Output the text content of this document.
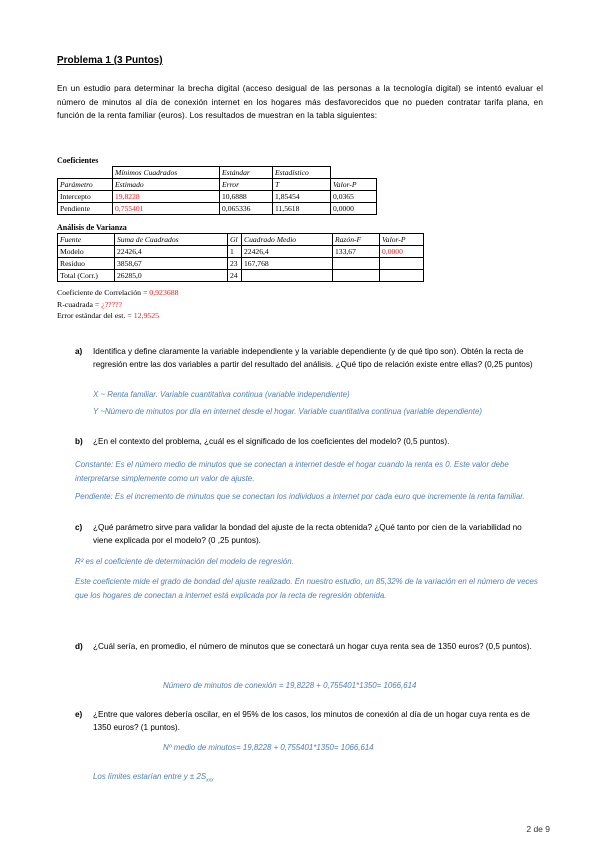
Problema 1 (3 Puntos)
En un estudio para determinar la brecha digital (acceso desigual de las personas a la tecnología digital) se intentó evaluar el número de minutos al día de conexión internet en los hogares más desfavorecidos que no pueden contratar tarifa plana, en función de la renta familiar (euros). Los resultados de muestran en la tabla siguientes:
Coeficientes
	Mínimos Cuadrados	Estándar	Estadístico	
Parámetro	Estimado	Error	T	Valor-P
Intercepto	19,8228	10,6888	1,85454	0,0365
Pendiente	0,755401	0,065336	11,5618	0,0000
Análisis de Varianza
Fuente	Suma de Cuadrados	Gl	Cuadrado Medio	Razón-F	Valor-P
Modelo	22426,4	1	22426,4	133,67	0,0000
Residuo	3858,67	23	167,768		
Total (Corr.)	26285,0	24			
Coeficiente de Correlación = 0,923688
R-cuadrada = ¿?????
Error estándar del est. = 12,9525
a) Identifica y define claramente la variable independiente y la variable dependiente (y de qué tipo son). Obtén la recta de regresión entre las dos variables a partir del resultado del análisis. ¿Qué tipo de relación existe entre ellas? (0,25 puntos)
X ~ Renta familiar. Variable cuantitativa continua (variable independiente)
Y ~Número de minutos por día en internet desde el hogar. Variable cuantitativa continua (variable dependiente)
b) ¿En el contexto del problema, ¿cuál es el significado de los coeficientes del modelo? (0,5 puntos).
Constante: Es el número medio de minutos que se conectan a internet desde el hogar cuando la renta es 0. Este valor debe interpretarse simplemente como un valor de ajuste.
Pendiente: Es el incremento de minutos que se conectan los individuos a internet por cada euro que incremente la renta familiar.
c) ¿Qué parámetro sirve para validar la bondad del ajuste de la recta obtenida? ¿Qué tanto por cien de la variabilidad no viene explicada por el modelo? (0 ,25 puntos).
R² es el coeficiente de determinación del modelo de regresión.
Este coeficiente mide el grado de bondad del ajuste realizado. En nuestro estudio, un 85,32% de la variación en el número de veces que los hogares de conectan a internet está explicada por la recta de regresión obtenida.
d) ¿Cuál sería, en promedio, el número de minutos que se conectará un hogar cuya renta sea de 1350 euros? (0,5 puntos).
Número de minutos de conexión = 19,8228 + 0,755401*1350= 1066,614
e) ¿Entre que valores debería oscilar, en el 95% de los casos, los minutos de conexión al día de un hogar cuya renta es de 1350 euros? (1 puntos).
Nº medio de minutos= 19,8228 + 0,755401*1350= 1066,614
Los límites estarían entre $y \pm 2S_{xxx}$
2 de 9
